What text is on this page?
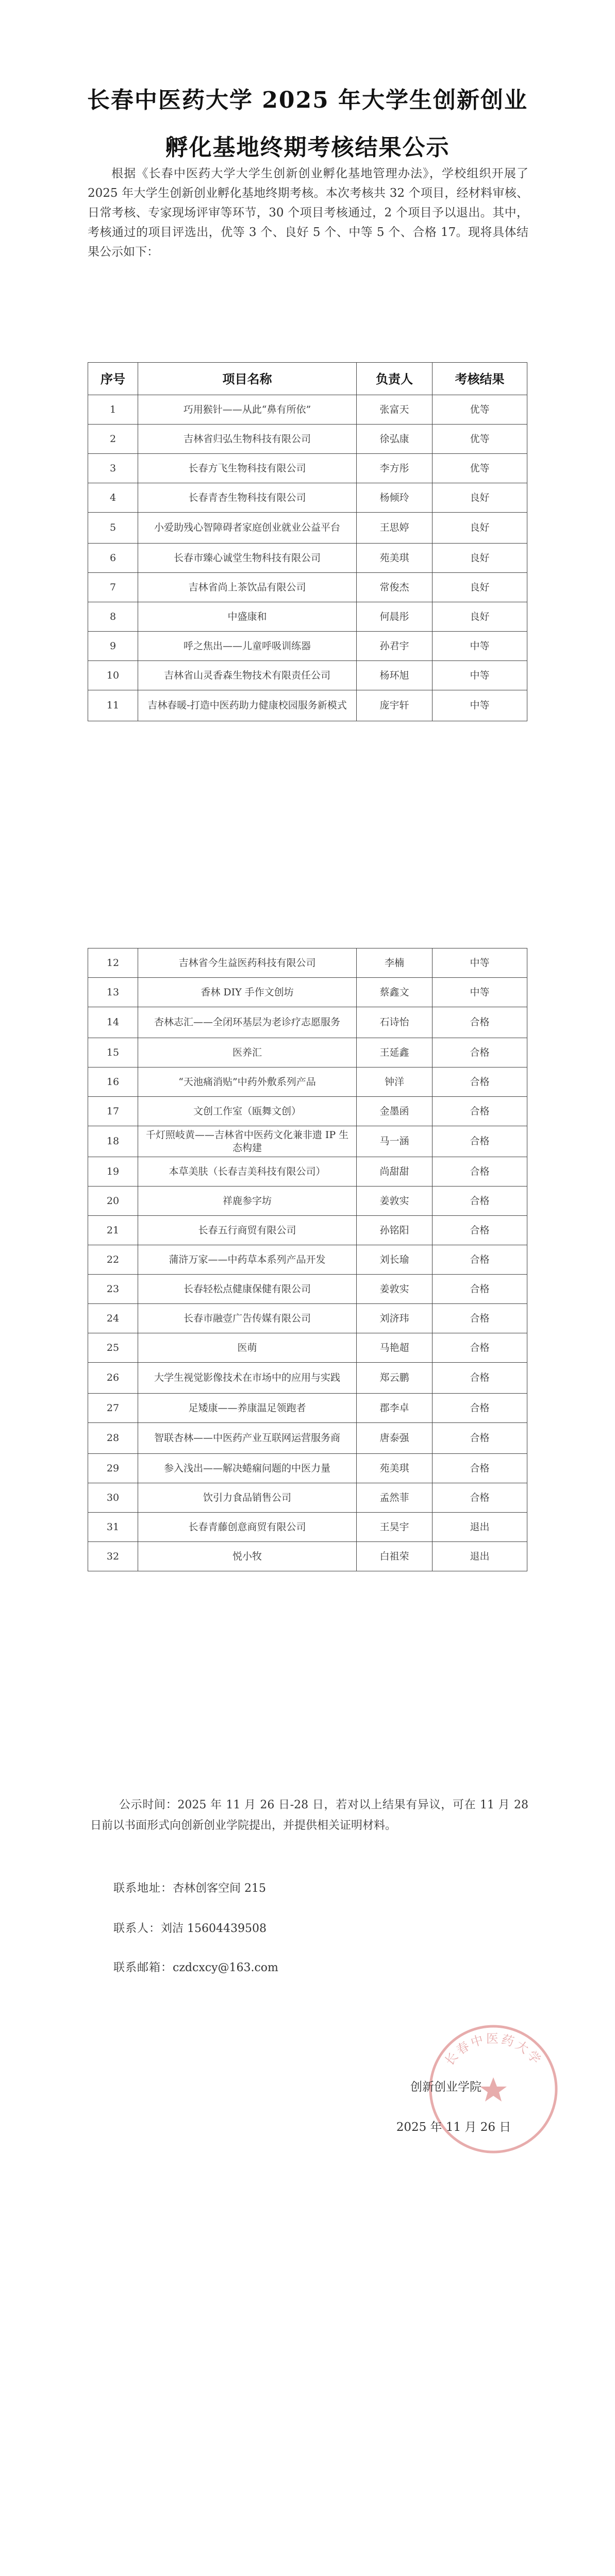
长春中医药大学 2025 年大学生创新创业
孵化基地终期考核结果公示
根据《长春中医药大学大学生创新创业孵化基地管理办法》，学校组织开展了 2025 年大学生创新创业孵化基地终期考核。本次考核共 32 个项目，经材料审核、日常考核、专家现场评审等环节，30 个项目考核通过，2 个项目予以退出。其中，考核通过的项目评选出，优等 3 个、良好 5 个、中等 5 个、合格 17。现将具体结果公示如下：
序号	项目名称	负责人	考核结果
1	巧用猴针——从此“鼻有所依”	张富天	优等
2	吉林省归弘生物科技有限公司	徐弘康	优等
3	长春方飞生物科技有限公司	李方彤	优等
4	长春青杏生物科技有限公司	杨倾玲	良好
5	小爱助残心智障碍者家庭创业就业公益平台	王思婷	良好
6	长春市臻心诚堂生物科技有限公司	苑美琪	良好
7	吉林省尚上茶饮品有限公司	常俊杰	良好
8	中盛康和	何晨彤	良好
9	呼之焦出——儿童呼吸训练器	孙君宇	中等
10	吉林省山灵香森生物技术有限责任公司	杨环旭	中等
11	吉林春暖-打造中医药助力健康校园服务新模式	庞宇轩	中等
12	吉林省今生益医药科技有限公司	李楠	中等
13	香林 DIY 手作文创坊	蔡鑫文	中等
14	杏林志汇——全闭环基层为老诊疗志愿服务	石诗怡	合格
15	医养汇	王延鑫	合格
16	“天池痛消贴”中药外敷系列产品	钟洋	合格
17	文创工作室（瓯舞文创）	金墨函	合格
18	千灯照岐黄——吉林省中医药文化兼非遗 IP 生态构建	马一涵	合格
19	本草美肤（长春吉美科技有限公司）	尚甜甜	合格
20	祥鹿参字坊	姜敦实	合格
21	长春五行商贸有限公司	孙铭阳	合格
22	蒲浒万家——中药草本系列产品开发	刘长瑜	合格
23	长春轻松点健康保健有限公司	姜敦实	合格
24	长春市融壹广告传媒有限公司	刘济玮	合格
25	医萌	马艳超	合格
26	大学生视觉影像技术在市场中的应用与实践	郑云鹏	合格
27	足矮康——养康温足领跑者	郡李卓	合格
28	智联杏林——中医药产业互联网运营服务商	唐泰强	合格
29	参入浅出——解决蜷痫问题的中医力量	苑美琪	合格
30	饮引力食品销售公司	孟然菲	合格
31	长春青藤创意商贸有限公司	王昊宇	退出
32	悦小牧	白祖荣	退出
公示时间：2025 年 11 月 26 日-28 日，若对以上结果有异议，可在 11 月 28 日前以书面形式向创新创业学院提出，并提供相关证明材料。
联系地址：杏林创客空间 215
联系人：刘洁 15604439508
联系邮箱：czdcxcy@163.com
长春中医药大学
创新创业学院
2025 年 11 月 26 日
